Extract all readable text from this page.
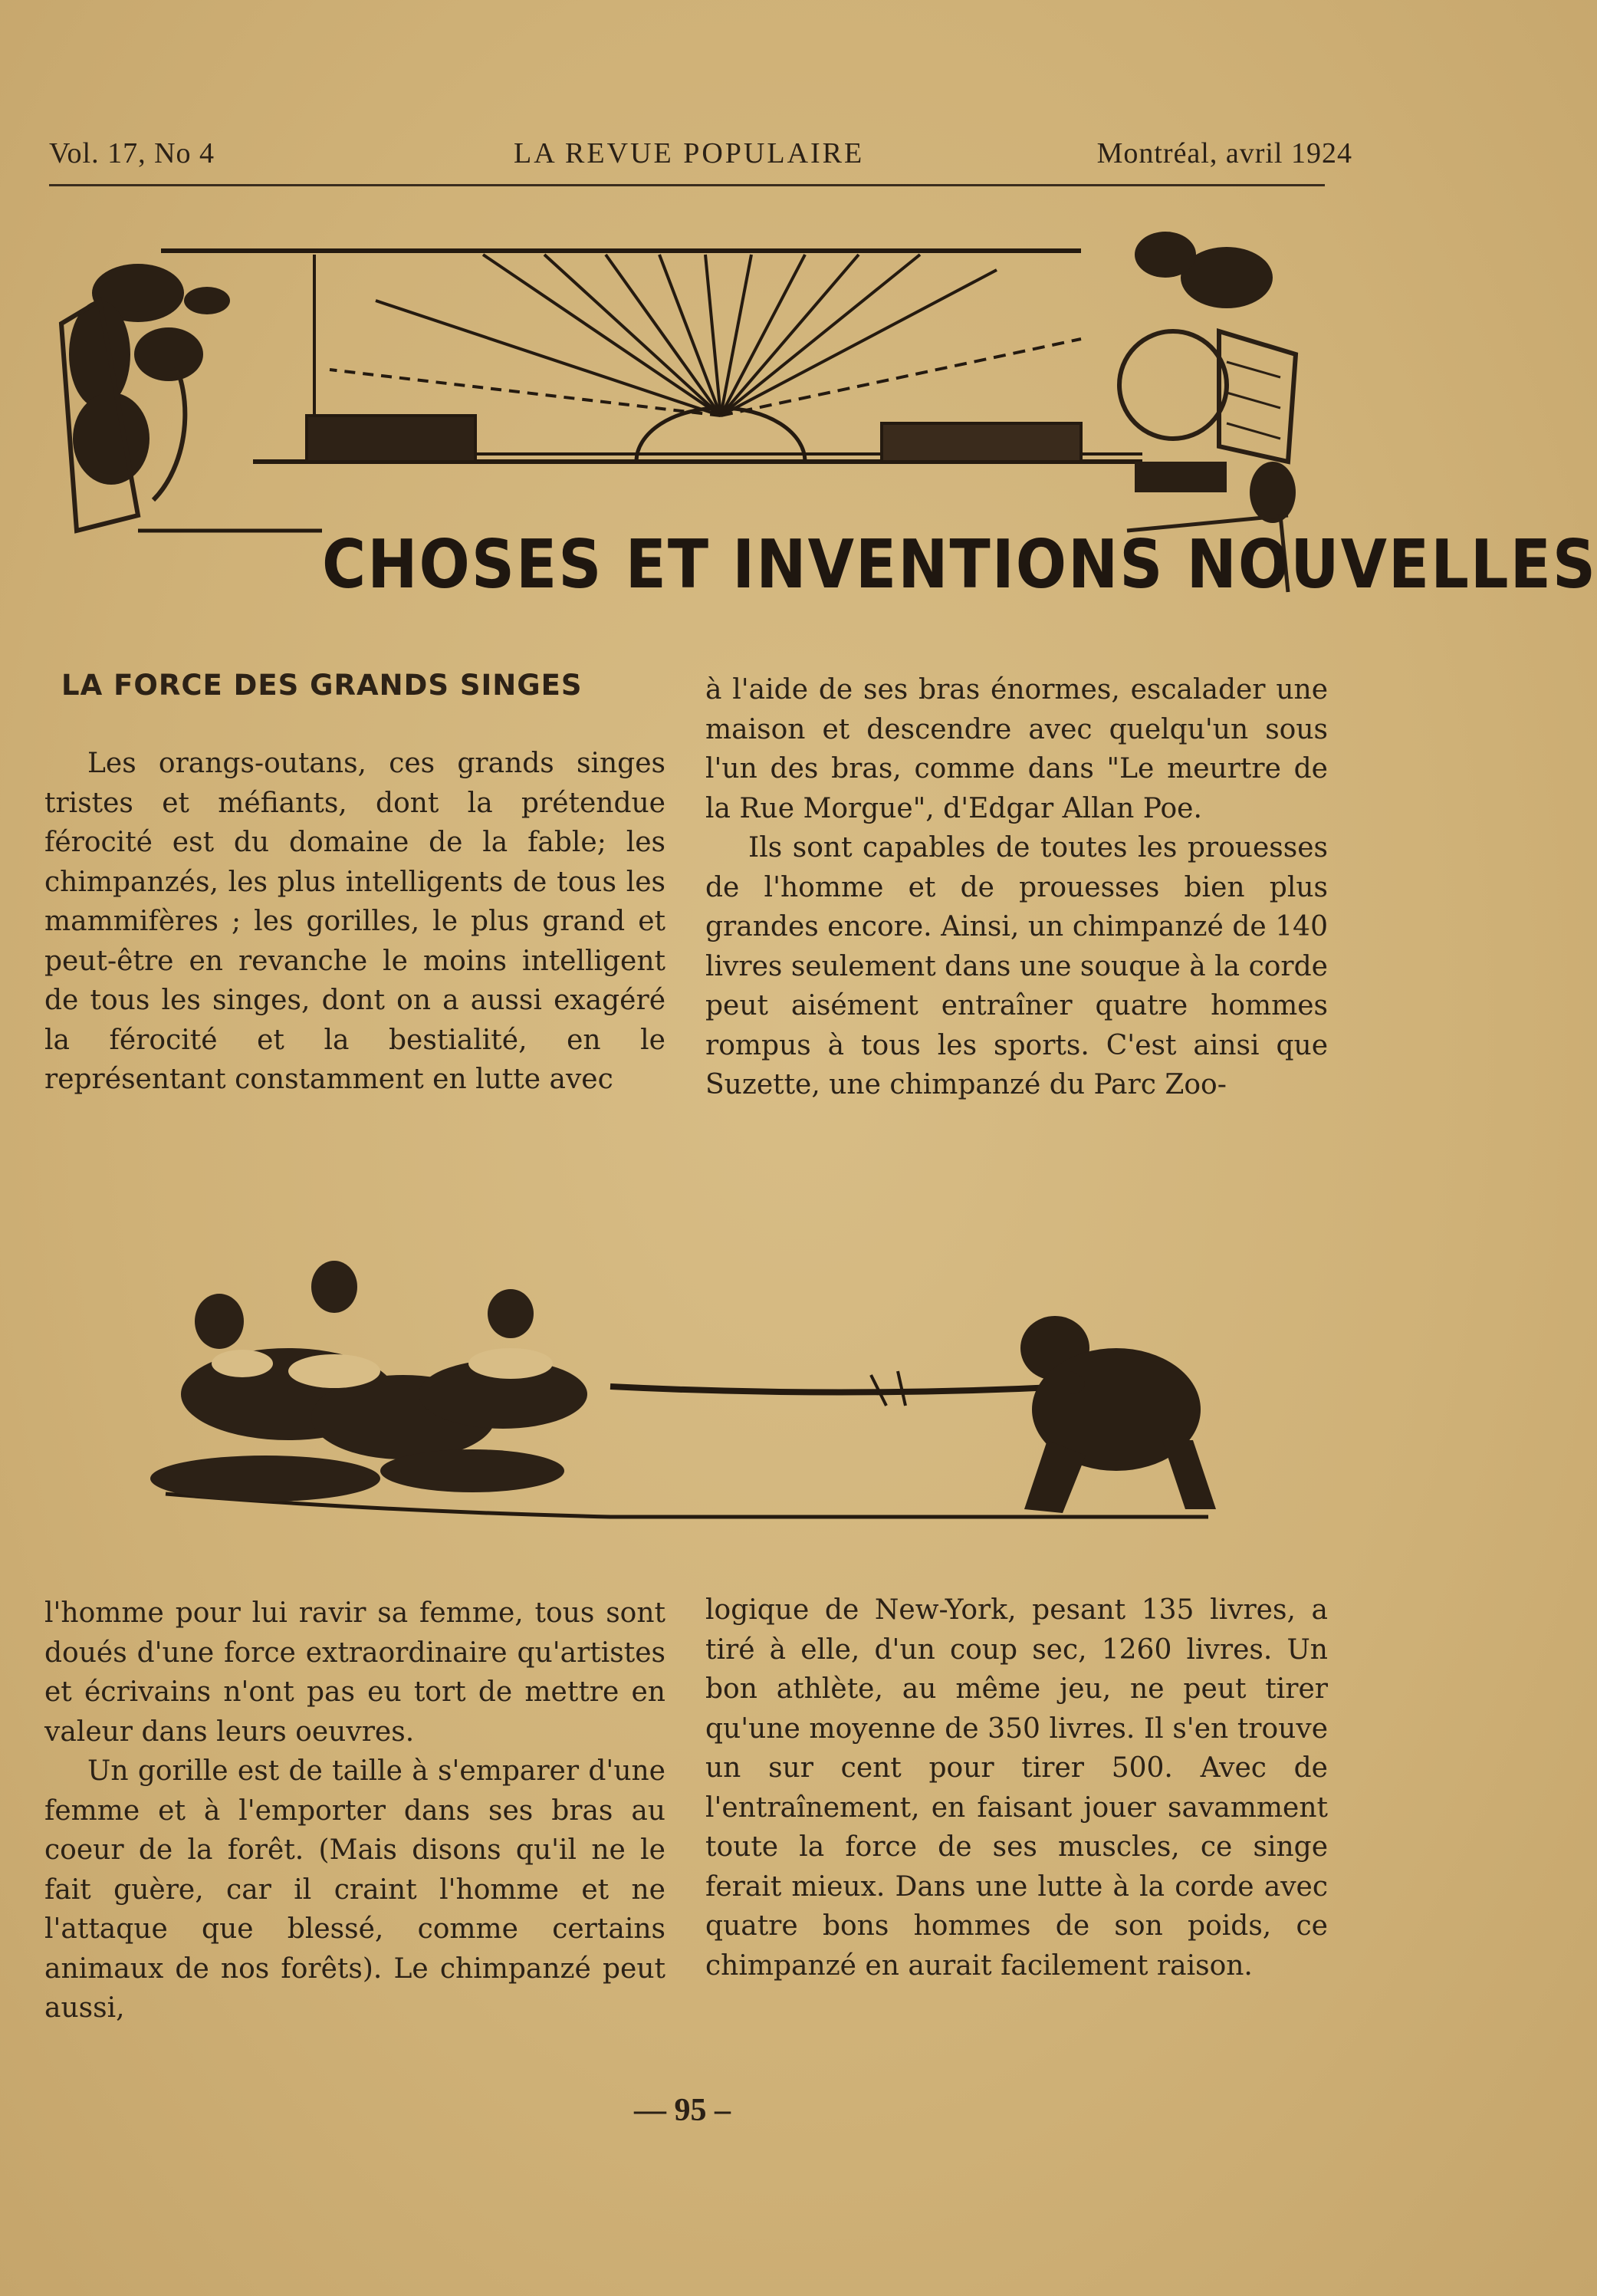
Vol. 17, No 4	LA REVUE POPULAIRE	Montréal, avril 1924
CHOSES ET INVENTIONS NOUVELLES
LA FORCE DES GRANDS SINGES

Les orangs-outans, ces grands singes tristes et méfiants, dont la prétendue férocité est du domaine de la fable; les chimpanzés, les plus intelligents de tous les mammifères ; les gorilles, le plus grand et peut-être en revanche le moins intelligent de tous les singes, dont on a aussi exagéré la férocité et la bestialité, en le représentant constamment en lutte avec

à l'aide de ses bras énormes, escalader une maison et descendre avec quelqu'un sous l'un des bras, comme dans "Le meurtre de la Rue Morgue", d'Edgar Allan Poe.

Ils sont capables de toutes les prouesses de l'homme et de prouesses bien plus grandes encore. Ainsi, un chimpanzé de 140 livres seulement dans une souque à la corde peut aisément entraîner quatre hommes rompus à tous les sports. C'est ainsi que Suzette, une chimpanzé du Parc Zoo-

l'homme pour lui ravir sa femme, tous sont doués d'une force extraordinaire qu'artistes et écrivains n'ont pas eu tort de mettre en valeur dans leurs oeuvres.

Un gorille est de taille à s'emparer d'une femme et à l'emporter dans ses bras au coeur de la forêt. (Mais disons qu'il ne le fait guère, car il craint l'homme et ne l'attaque que blessé, comme certains animaux de nos forêts). Le chimpanzé peut aussi,

logique de New-York, pesant 135 livres, a tiré à elle, d'un coup sec, 1260 livres. Un bon athlète, au même jeu, ne peut tirer qu'une moyenne de 350 livres. Il s'en trouve un sur cent pour tirer 500. Avec de l'entraînement, en faisant jouer savamment toute la force de ses muscles, ce singe ferait mieux. Dans une lutte à la corde avec quatre bons hommes de son poids, ce chimpanzé en aurait facilement raison.

— 95 –
